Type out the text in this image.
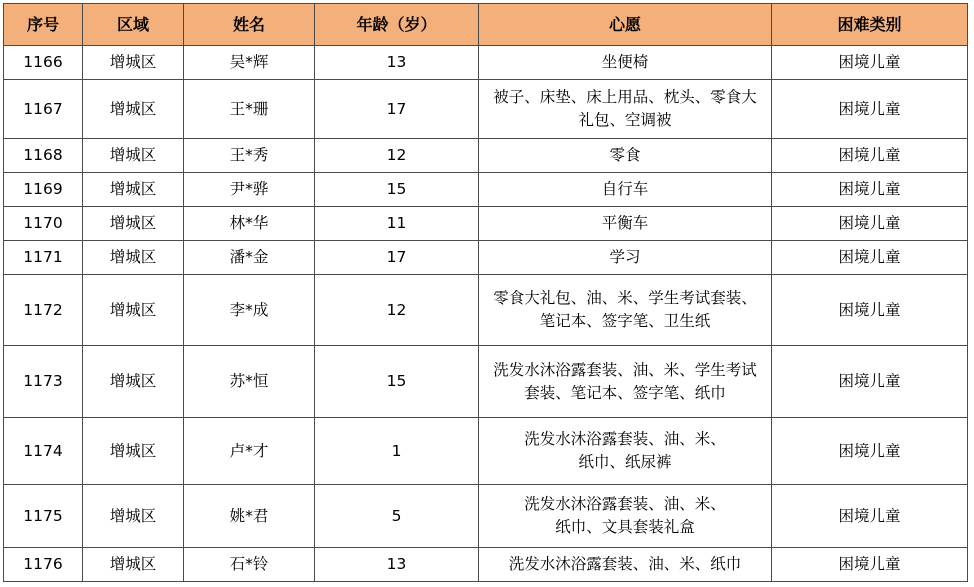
序号	区域	姓名	年龄（岁）	心愿	困难类别
1166	增城区	吴*辉	13	坐便椅	困境儿童
1167	增城区	王*珊	17	被子、床垫、床上用品、枕头、零食大
礼包、空调被	困境儿童
1168	增城区	王*秀	12	零食	困境儿童
1169	增城区	尹*骅	15	自行车	困境儿童
1170	增城区	林*华	11	平衡车	困境儿童
1171	增城区	潘*金	17	学习	困境儿童
1172	增城区	李*成	12	零食大礼包、油、米、学生考试套装、
笔记本、签字笔、卫生纸	困境儿童
1173	增城区	苏*恒	15	洗发水沐浴露套装、油、米、学生考试
套装、笔记本、签字笔、纸巾	困境儿童
1174	增城区	卢*才	1	洗发水沐浴露套装、油、米、
纸巾、纸尿裤	困境儿童
1175	增城区	姚*君	5	洗发水沐浴露套装、油、米、
纸巾、文具套装礼盒	困境儿童
1176	增城区	石*铃	13	洗发水沐浴露套装、油、米、纸巾	困境儿童
